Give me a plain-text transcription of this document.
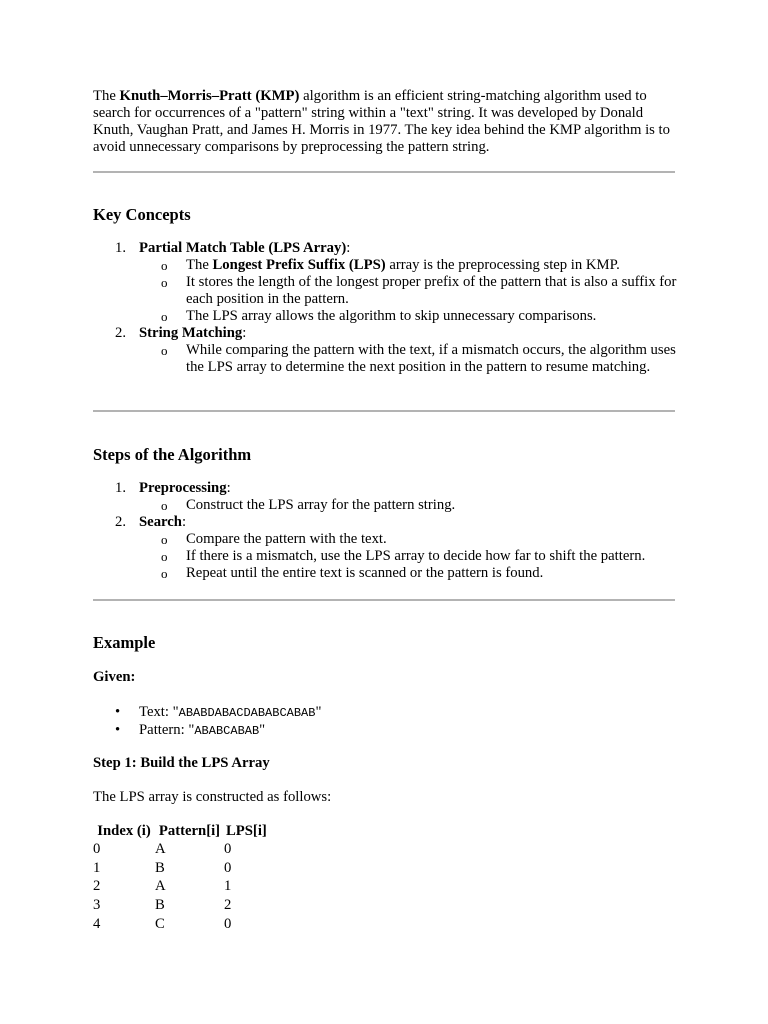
The Knuth–Morris–Pratt (KMP) algorithm is an efficient string-matching algorithm used to search for occurrences of a "pattern" string within a "text" string. It was developed by Donald Knuth, Vaughan Pratt, and James H. Morris in 1977. The key idea behind the KMP algorithm is to avoid unnecessary comparisons by preprocessing the pattern string.

Key Concepts
1. Partial Match Table (LPS Array):
o The Longest Prefix Suffix (LPS) array is the preprocessing step in KMP.
o It stores the length of the longest proper prefix of the pattern that is also a suffix for each position in the pattern.
o The LPS array allows the algorithm to skip unnecessary comparisons.
2. String Matching:
o While comparing the pattern with the text, if a mismatch occurs, the algorithm uses the LPS array to determine the next position in the pattern to resume matching.
Steps of the Algorithm
1. Preprocessing:
o Construct the LPS array for the pattern string.
2. Search:
o Compare the pattern with the text.
o If there is a mismatch, use the LPS array to decide how far to shift the pattern.
o Repeat until the entire text is scanned or the pattern is found.
Example
Given:
• Text: "ABABDABACDABABCABAB"
• Pattern: "ABABCABAB"
Step 1: Build the LPS Array
The LPS array is constructed as follows:
Index (i)	Pattern[i]	LPS[i]
0	A	0
1	B	0
2	A	1
3	B	2
4	C	0
